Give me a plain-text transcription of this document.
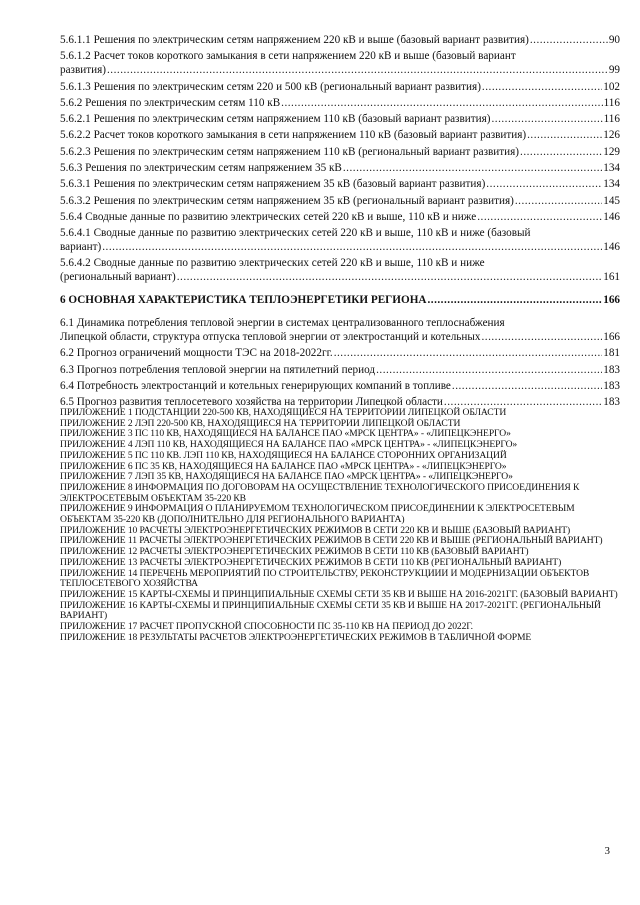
5.6.1.1 Решения по электрическим сетям напряжением 220 кВ и выше (базовый вариант развития) .....	90
5.6.1.2 Расчет токов короткого замыкания в сети напряжением 220 кВ и выше (базовый вариант
развития) .....	99
5.6.1.3 Решения по электрическим сетям 220 и 500 кВ (региональный вариант развития) .....	102
5.6.2 Решения по электрическим сетям 110 кВ .....	116
5.6.2.1 Решения по электрическим сетям напряжением 110 кВ (базовый вариант развития) .....	116
5.6.2.2 Расчет токов короткого замыкания в сети напряжением 110 кВ (базовый вариант развития) .....	126
5.6.2.3 Решения по электрическим сетям напряжением 110 кВ (региональный вариант развития) .....	129
5.6.3 Решения по электрическим сетям напряжением 35 кВ .....	134
5.6.3.1 Решения по электрическим сетям напряжением 35 кВ (базовый вариант развития) .....	134
5.6.3.2 Решения по электрическим сетям напряжением 35 кВ (региональный вариант развития) .....	145
5.6.4 Сводные данные по развитию электрических сетей 220 кВ и выше, 110 кВ и ниже .....	146
5.6.4.1 Сводные данные по развитию электрических сетей 220 кВ и выше, 110 кВ и ниже (базовый
вариант) .....	146
5.6.4.2 Сводные данные по развитию электрических сетей 220 кВ и выше, 110 кВ и ниже
(региональный вариант) .....	161
6 ОСНОВНАЯ ХАРАКТЕРИСТИКА ТЕПЛОЭНЕРГЕТИКИ РЕГИОНА .....	166
6.1 Динамика потребления тепловой энергии в системах централизованного теплоснабжения
Липецкой области, структура отпуска тепловой энергии от электростанций и котельных .....	166
6.2 Прогноз ограничений мощности ТЭС на 2018-2022гг. .....	181
6.3 Прогноз потребления тепловой энергии на пятилетний период .....	183
6.4 Потребность электростанций и котельных генерирующих компаний в топливе .....	183
6.5 Прогноз развития теплосетевого хозяйства на территории Липецкой области .....	183

ПРИЛОЖЕНИЕ 1 ПОДСТАНЦИИ 220-500 КВ, НАХОДЯЩИЕСЯ НА ТЕРРИТОРИИ ЛИПЕЦКОЙ ОБЛАСТИ

ПРИЛОЖЕНИЕ 2 ЛЭП 220-500 КВ, НАХОДЯЩИЕСЯ НА ТЕРРИТОРИИ ЛИПЕЦКОЙ ОБЛАСТИ

ПРИЛОЖЕНИЕ 3 ПС 110 КВ, НАХОДЯЩИЕСЯ НА БАЛАНСЕ ПАО «МРСК ЦЕНТРА» - «ЛИПЕЦКЭНЕРГО»

ПРИЛОЖЕНИЕ 4 ЛЭП 110 КВ, НАХОДЯЩИЕСЯ НА БАЛАНСЕ ПАО «МРСК ЦЕНТРА» - «ЛИПЕЦКЭНЕРГО»

ПРИЛОЖЕНИЕ 5 ПС 110 КВ. ЛЭП 110 КВ, НАХОДЯЩИЕСЯ НА БАЛАНСЕ СТОРОННИХ ОРГАНИЗАЦИЙ

ПРИЛОЖЕНИЕ 6 ПС 35 КВ, НАХОДЯЩИЕСЯ НА БАЛАНСЕ ПАО «МРСК ЦЕНТРА» - «ЛИПЕЦКЭНЕРГО»

ПРИЛОЖЕНИЕ 7 ЛЭП 35 КВ, НАХОДЯЩИЕСЯ НА БАЛАНСЕ ПАО «МРСК ЦЕНТРА» - «ЛИПЕЦКЭНЕРГО»

ПРИЛОЖЕНИЕ 8 ИНФОРМАЦИЯ ПО ДОГОВОРАМ НА ОСУЩЕСТВЛЕНИЕ ТЕХНОЛОГИЧЕСКОГО ПРИСОЕДИНЕНИЯ К ЭЛЕКТРОСЕТЕВЫМ ОБЪЕКТАМ 35-220 КВ

ПРИЛОЖЕНИЕ 9 ИНФОРМАЦИЯ О ПЛАНИРУЕМОМ ТЕХНОЛОГИЧЕСКОМ ПРИСОЕДИНЕНИИ К ЭЛЕКТРОСЕТЕВЫМ ОБЪЕКТАМ 35-220 КВ (ДОПОЛНИТЕЛЬНО ДЛЯ РЕГИОНАЛЬНОГО ВАРИАНТА)

ПРИЛОЖЕНИЕ 10 РАСЧЕТЫ ЭЛЕКТРОЭНЕРГЕТИЧЕСКИХ РЕЖИМОВ В СЕТИ 220 КВ И ВЫШЕ (БАЗОВЫЙ ВАРИАНТ)

ПРИЛОЖЕНИЕ 11 РАСЧЕТЫ ЭЛЕКТРОЭНЕРГЕТИЧЕСКИХ РЕЖИМОВ В СЕТИ 220 КВ И ВЫШЕ (РЕГИОНАЛЬНЫЙ ВАРИАНТ)

ПРИЛОЖЕНИЕ 12 РАСЧЕТЫ ЭЛЕКТРОЭНЕРГЕТИЧЕСКИХ РЕЖИМОВ В СЕТИ 110 КВ (БАЗОВЫЙ ВАРИАНТ)

ПРИЛОЖЕНИЕ 13 РАСЧЕТЫ ЭЛЕКТРОЭНЕРГЕТИЧЕСКИХ РЕЖИМОВ В СЕТИ 110 КВ (РЕГИОНАЛЬНЫЙ ВАРИАНТ)

ПРИЛОЖЕНИЕ 14 ПЕРЕЧЕНЬ МЕРОПРИЯТИЙ ПО СТРОИТЕЛЬСТВУ, РЕКОНСТРУКЦИИИ И МОДЕРНИЗАЦИИ ОБЪЕКТОВ ТЕПЛОСЕТЕВОГО ХОЗЯЙСТВА

ПРИЛОЖЕНИЕ 15 КАРТЫ-СХЕМЫ И ПРИНЦИПИАЛЬНЫЕ СХЕМЫ СЕТИ 35 КВ И ВЫШЕ НА 2016-2021ГГ. (БАЗОВЫЙ ВАРИАНТ)

ПРИЛОЖЕНИЕ 16 КАРТЫ-СХЕМЫ И ПРИНЦИПИАЛЬНЫЕ СХЕМЫ СЕТИ 35 КВ И ВЫШЕ НА 2017-2021ГГ. (РЕГИОНАЛЬНЫЙ ВАРИАНТ)

ПРИЛОЖЕНИЕ 17 РАСЧЕТ ПРОПУСКНОЙ СПОСОБНОСТИ ПС 35-110 КВ НА ПЕРИОД ДО 2022Г.

ПРИЛОЖЕНИЕ 18 РЕЗУЛЬТАТЫ РАСЧЕТОВ ЭЛЕКТРОЭНЕРГЕТИЧЕСКИХ РЕЖИМОВ В ТАБЛИЧНОЙ ФОРМЕ

3
